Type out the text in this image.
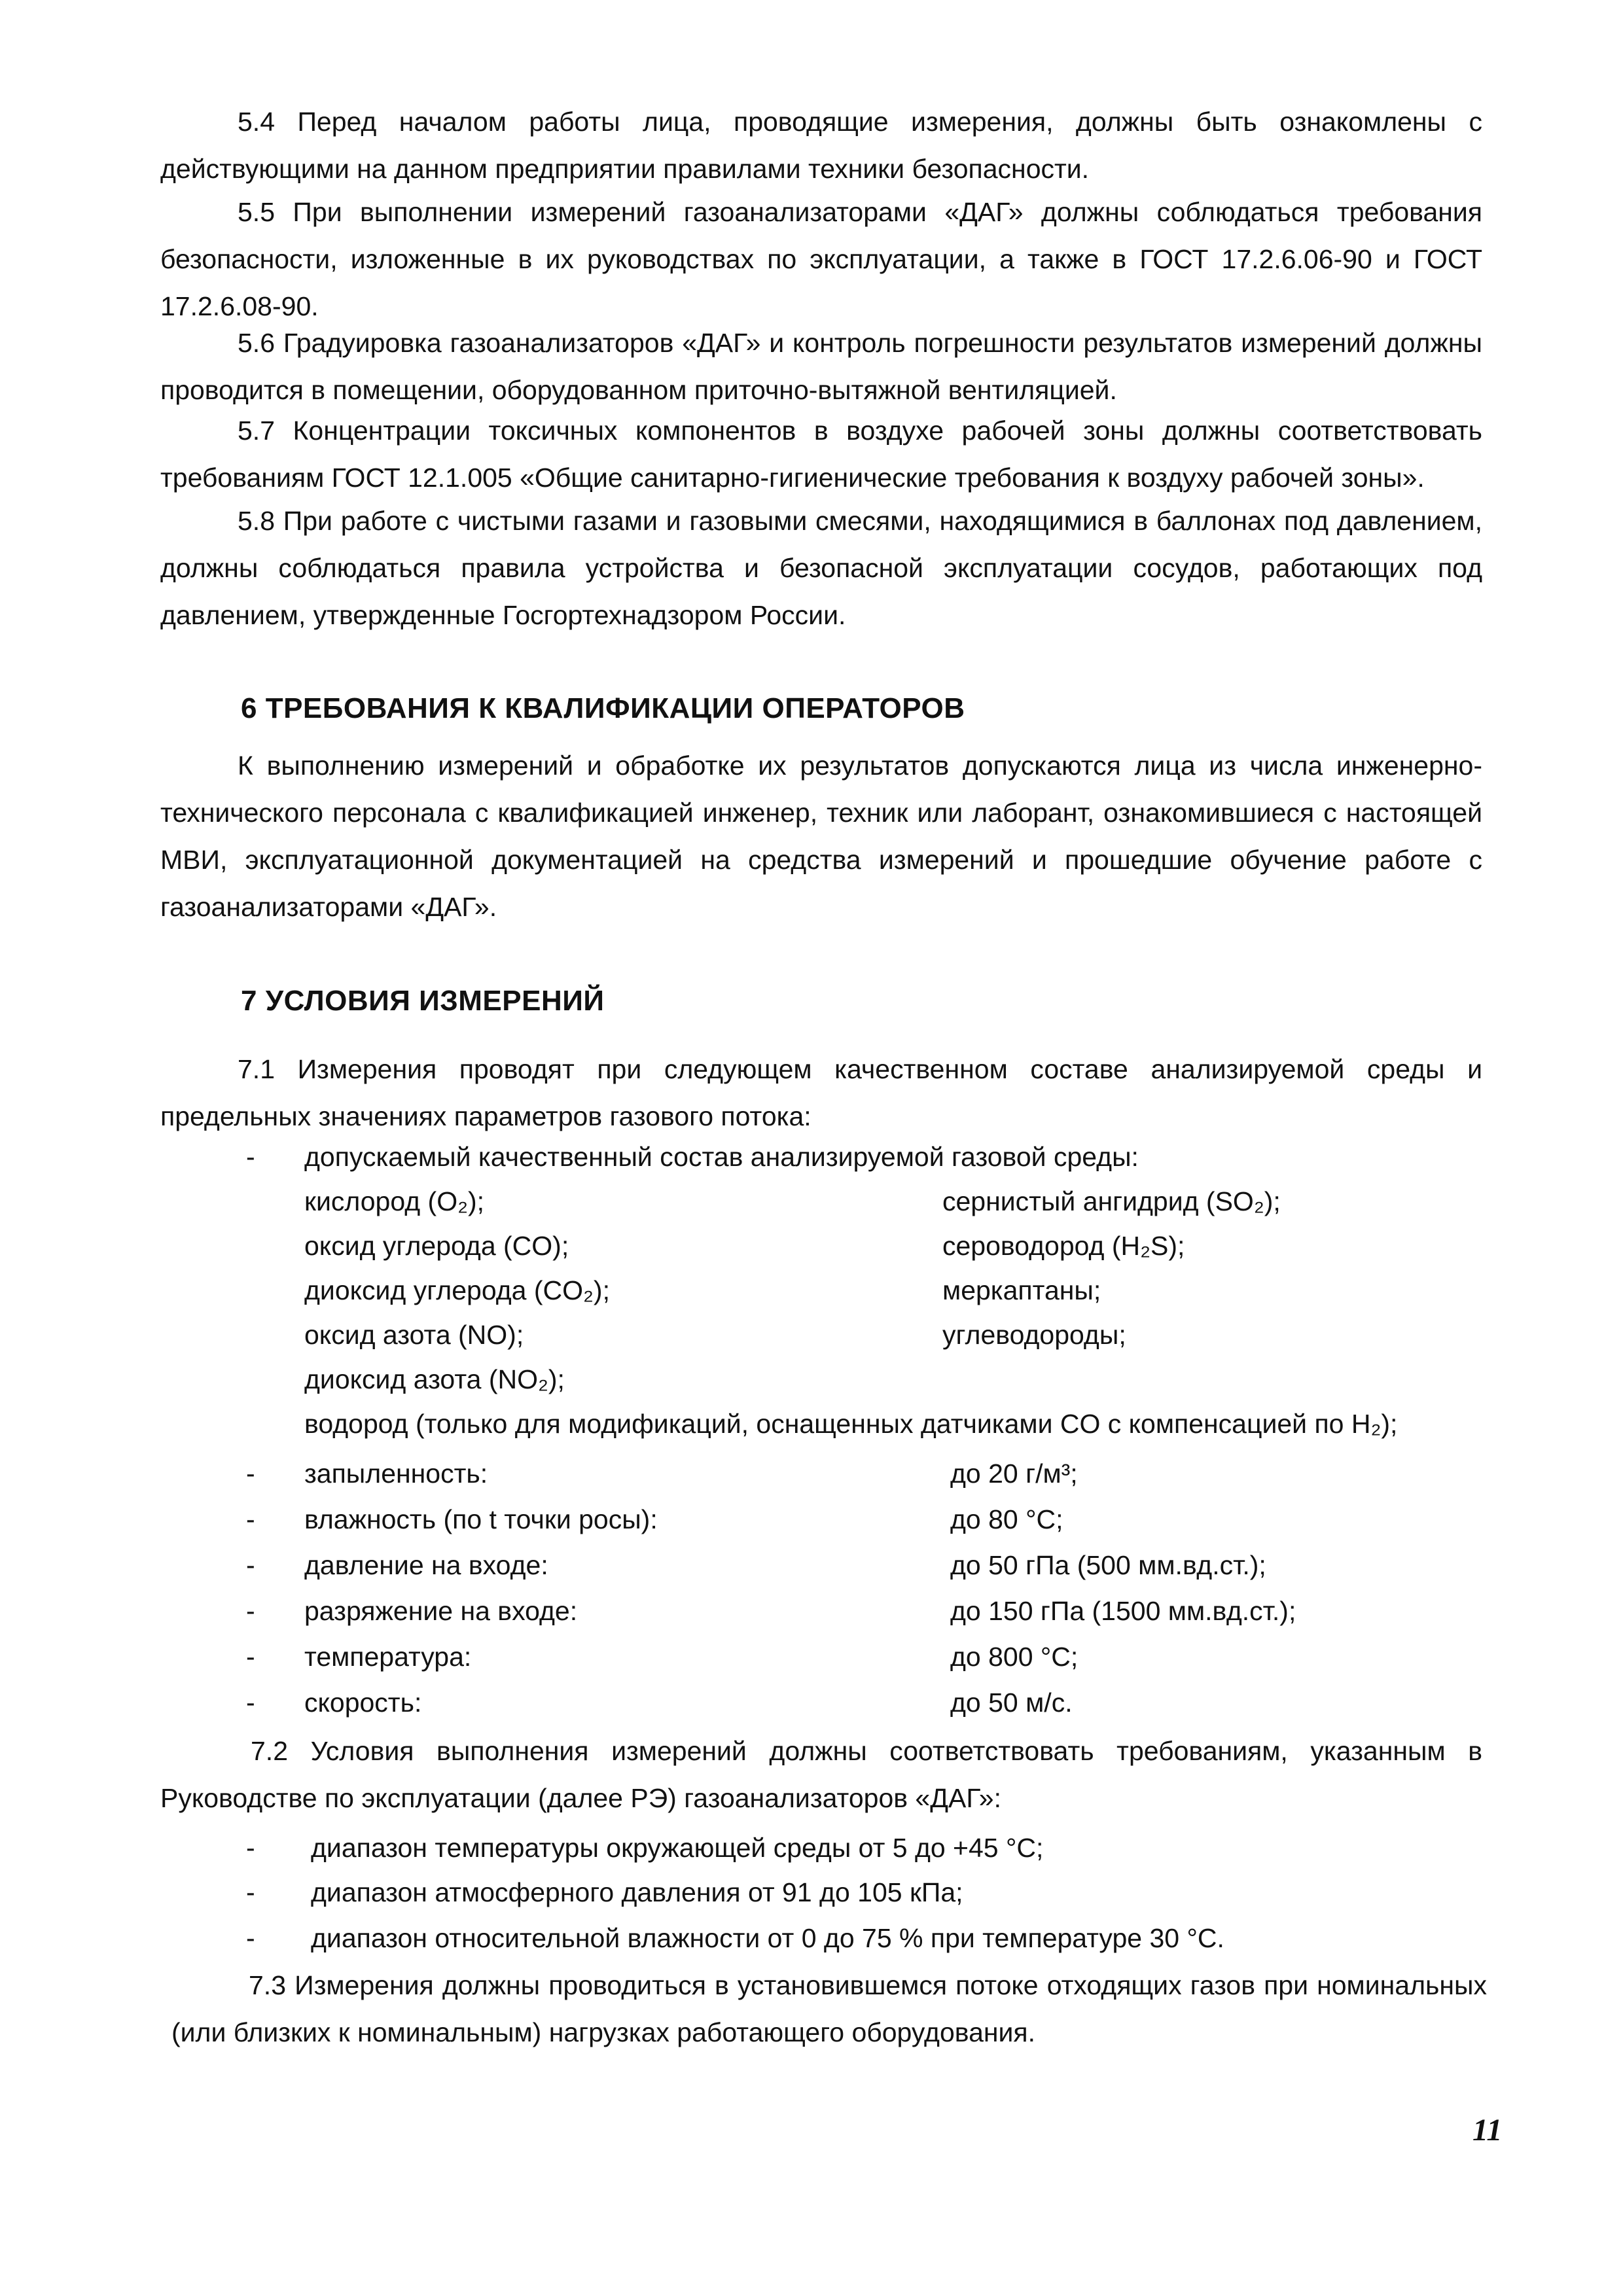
5.4 Перед началом работы лица, проводящие измерения, должны быть ознакомлены с действующими на данном предприятии правилами техники безопасности.
5.5 При выполнении измерений газоанализаторами «ДАГ» должны соблюдаться требования безопасности, изложенные в их руководствах по эксплуатации, а также в ГОСТ 17.2.6.06-90 и ГОСТ 17.2.6.08-90.
5.6 Градуировка газоанализаторов «ДАГ» и контроль погрешности результатов измерений должны проводится в помещении, оборудованном приточно-вытяжной вентиляцией.
5.7 Концентрации токсичных компонентов в воздухе рабочей зоны должны соответствовать требованиям ГОСТ 12.1.005 «Общие санитарно-гигиенические требования к воздуху рабочей зоны».
5.8 При работе с чистыми газами и газовыми смесями, находящимися в баллонах под давлением, должны соблюдаться правила устройства и безопасной эксплуатации сосудов, работающих под давлением, утвержденные Госгортехнадзором России.
6 ТРЕБОВАНИЯ К КВАЛИФИКАЦИИ ОПЕРАТОРОВ
К выполнению измерений и обработке их результатов допускаются лица из числа инженерно-технического персонала с квалификацией инженер, техник или лаборант, ознакомившиеся с настоящей МВИ, эксплуатационной документацией на средства измерений и прошедшие обучение работе с газоанализаторами «ДАГ».
7 УСЛОВИЯ ИЗМЕРЕНИЙ
7.1 Измерения проводят при следующем качественном составе анализируемой среды и предельных значениях параметров газового потока:
- допускаемый качественный состав анализируемой газовой среды:
кислород (O₂);	сернистый ангидрид (SO₂);
оксид углерода (CO);	сероводород (H₂S);
диоксид углерода (CO₂);	меркаптаны;
оксид азота (NO);	углеводороды;
диоксид азота (NO₂);
водород (только для модификаций, оснащенных датчиками CO с компенсацией по H₂);
- запыленность:	до 20 г/м³;
- влажность (по t точки росы):	до 80 °C;
- давление на входе:	до 50 гПа (500 мм.вд.ст.);
- разряжение на входе:	до 150 гПа (1500 мм.вд.ст.);
- температура:	до 800 °C;
- скорость:	до 50 м/с.
7.2 Условия выполнения измерений должны соответствовать требованиям, указанным в Руководстве по эксплуатации (далее РЭ) газоанализаторов «ДАГ»:
- диапазон температуры окружающей среды от 5 до +45 °C;
- диапазон атмосферного давления от 91 до 105 кПа;
- диапазон относительной влажности от 0 до 75 % при температуре 30 °C.
7.3 Измерения должны проводиться в установившемся потоке отходящих газов при номинальных (или близких к номинальным) нагрузках работающего оборудования.
11
